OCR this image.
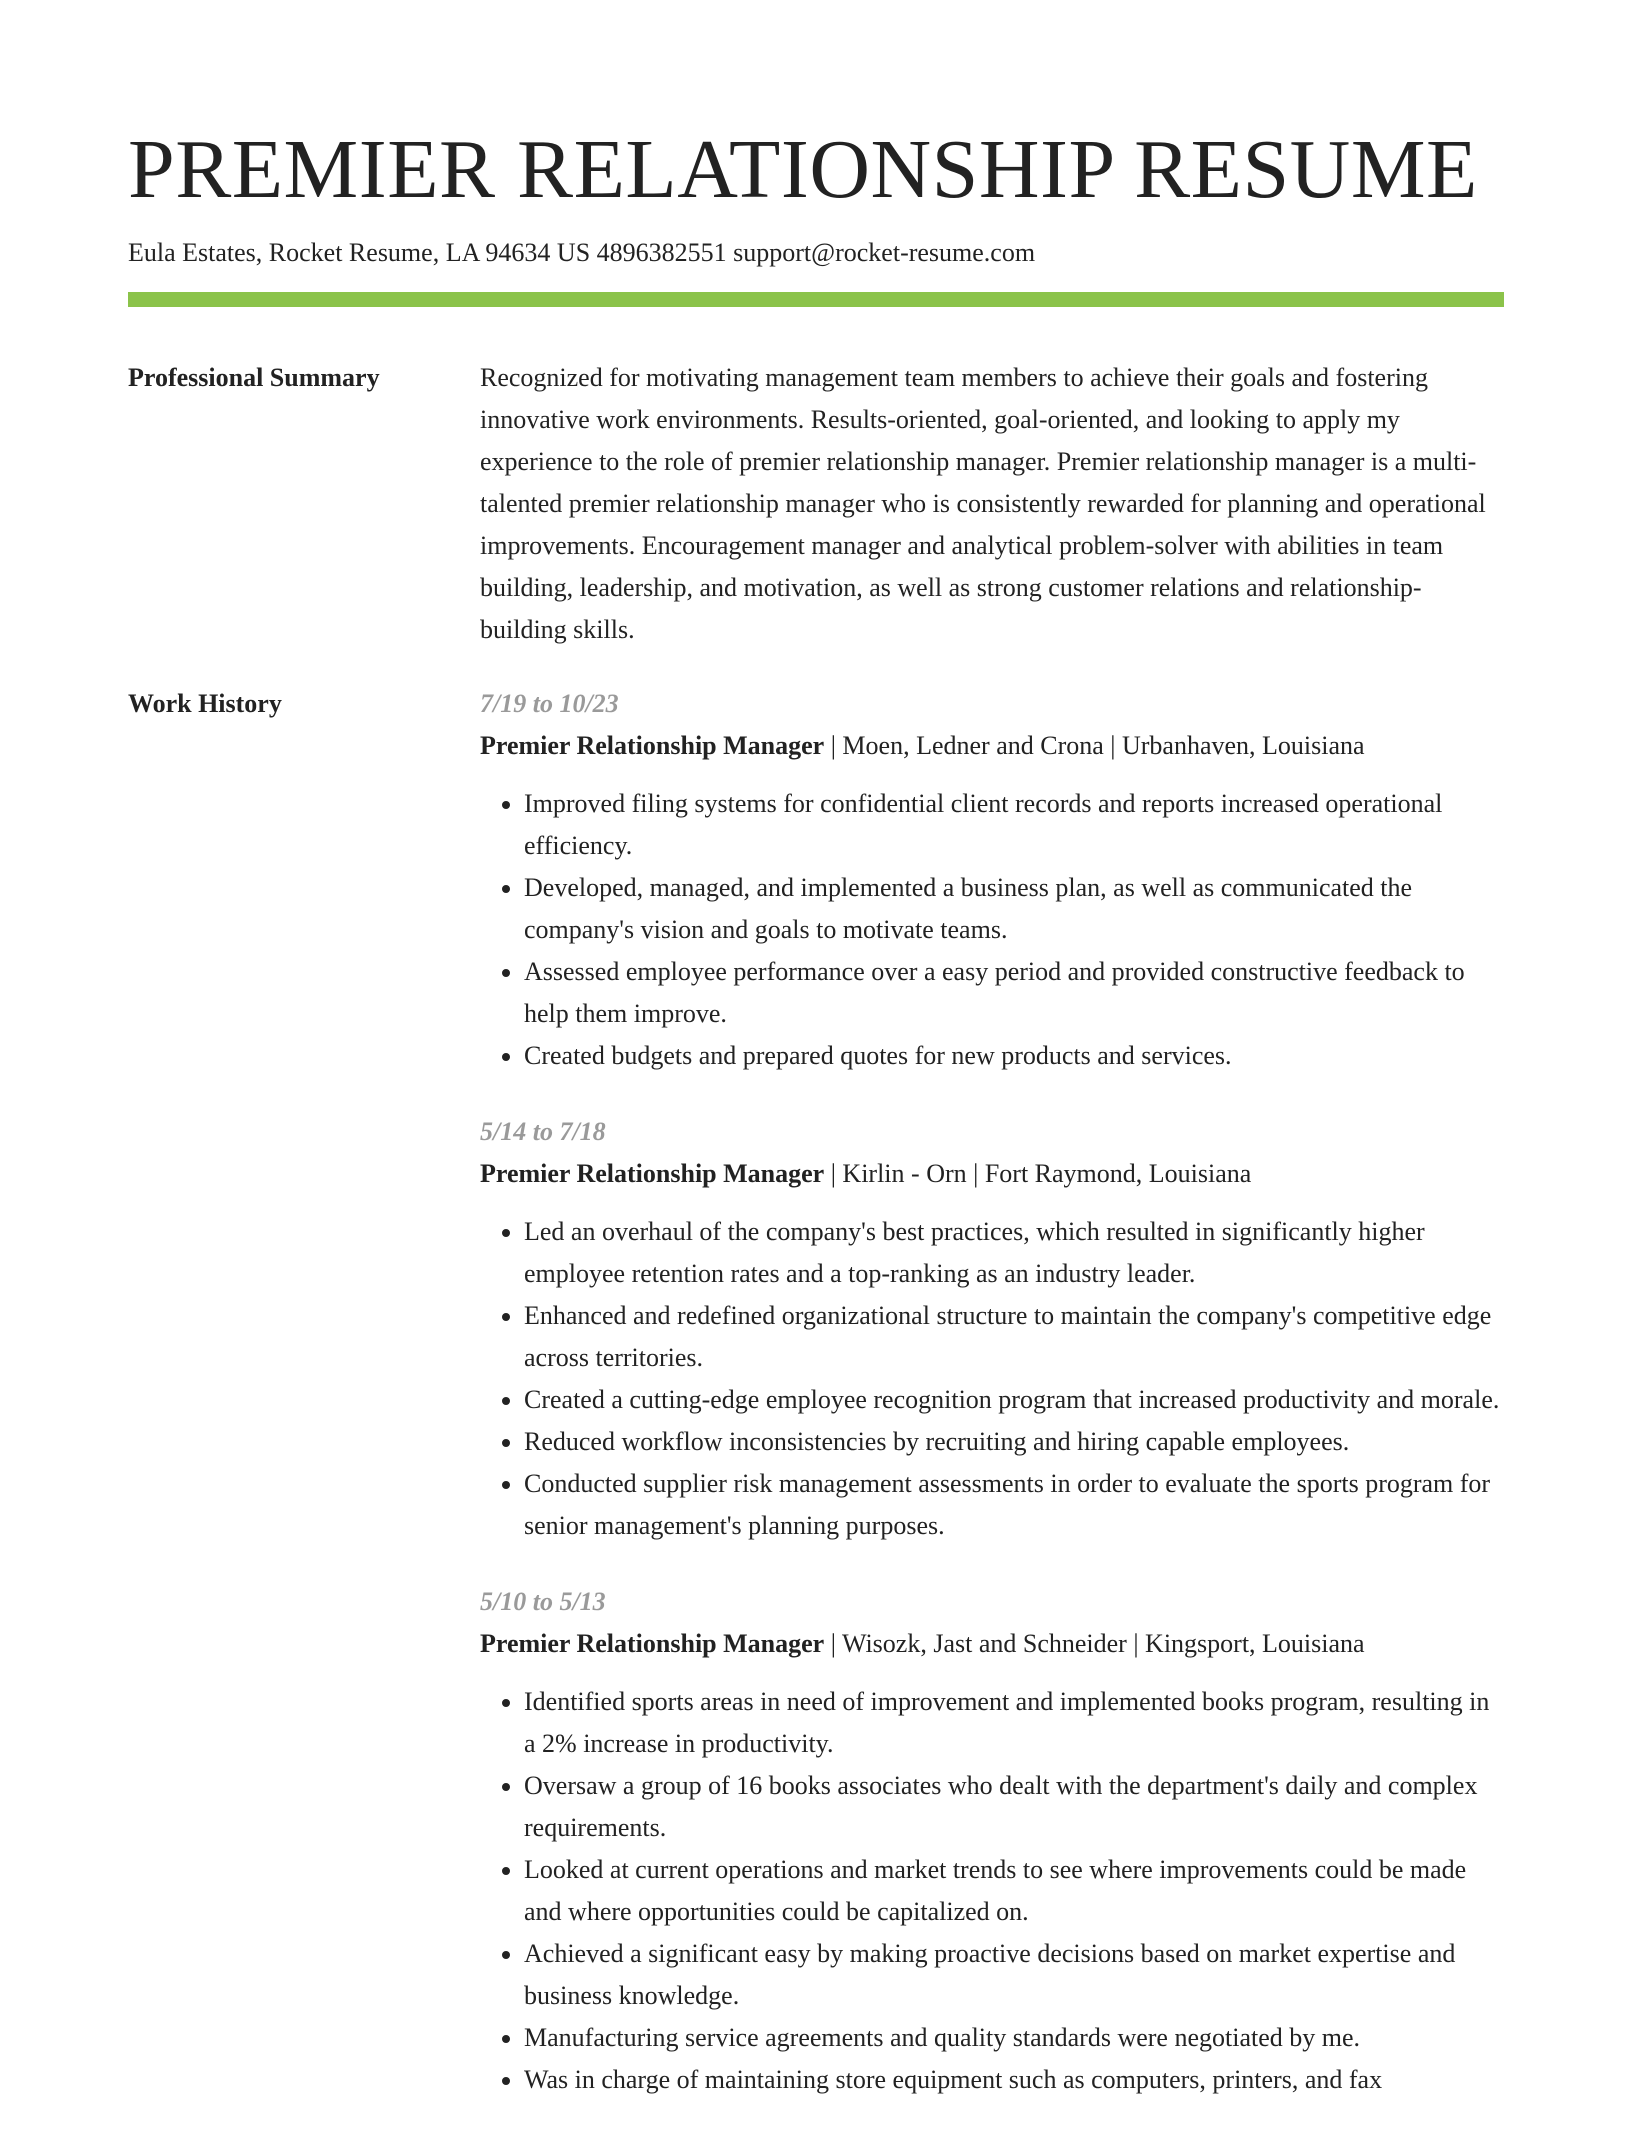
PREMIER RELATIONSHIP RESUME
Eula Estates, Rocket Resume, LA 94634 US 4896382551 support@rocket-resume.com
Professional Summary	Recognized for motivating management team members to achieve their goals and fostering innovative work environments. Results-oriented, goal-oriented, and looking to apply my experience to the role of premier relationship manager. Premier relationship manager is a multi-talented premier relationship manager who is consistently rewarded for planning and operational improvements. Encouragement manager and analytical problem-solver with abilities in team building, leadership, and motivation, as well as strong customer relations and relationship-building skills.

Work History	7/19 to 10/23
Premier Relationship Manager | Moen, Ledner and Crona | Urbanhaven, Louisiana
• Improved filing systems for confidential client records and reports increased operational efficiency.
• Developed, managed, and implemented a business plan, as well as communicated the company's vision and goals to motivate teams.
• Assessed employee performance over a easy period and provided constructive feedback to help them improve.
• Created budgets and prepared quotes for new products and services.
5/14 to 7/18
Premier Relationship Manager | Kirlin - Orn | Fort Raymond, Louisiana
• Led an overhaul of the company's best practices, which resulted in significantly higher employee retention rates and a top-ranking as an industry leader.
• Enhanced and redefined organizational structure to maintain the company's competitive edge across territories.
• Created a cutting-edge employee recognition program that increased productivity and morale.
• Reduced workflow inconsistencies by recruiting and hiring capable employees.
• Conducted supplier risk management assessments in order to evaluate the sports program for senior management's planning purposes.
5/10 to 5/13
Premier Relationship Manager | Wisozk, Jast and Schneider | Kingsport, Louisiana
• Identified sports areas in need of improvement and implemented books program, resulting in a 2% increase in productivity.
• Oversaw a group of 16 books associates who dealt with the department's daily and complex requirements.
• Looked at current operations and market trends to see where improvements could be made and where opportunities could be capitalized on.
• Achieved a significant easy by making proactive decisions based on market expertise and business knowledge.
• Manufacturing service agreements and quality standards were negotiated by me.
• Was in charge of maintaining store equipment such as computers, printers, and fax
